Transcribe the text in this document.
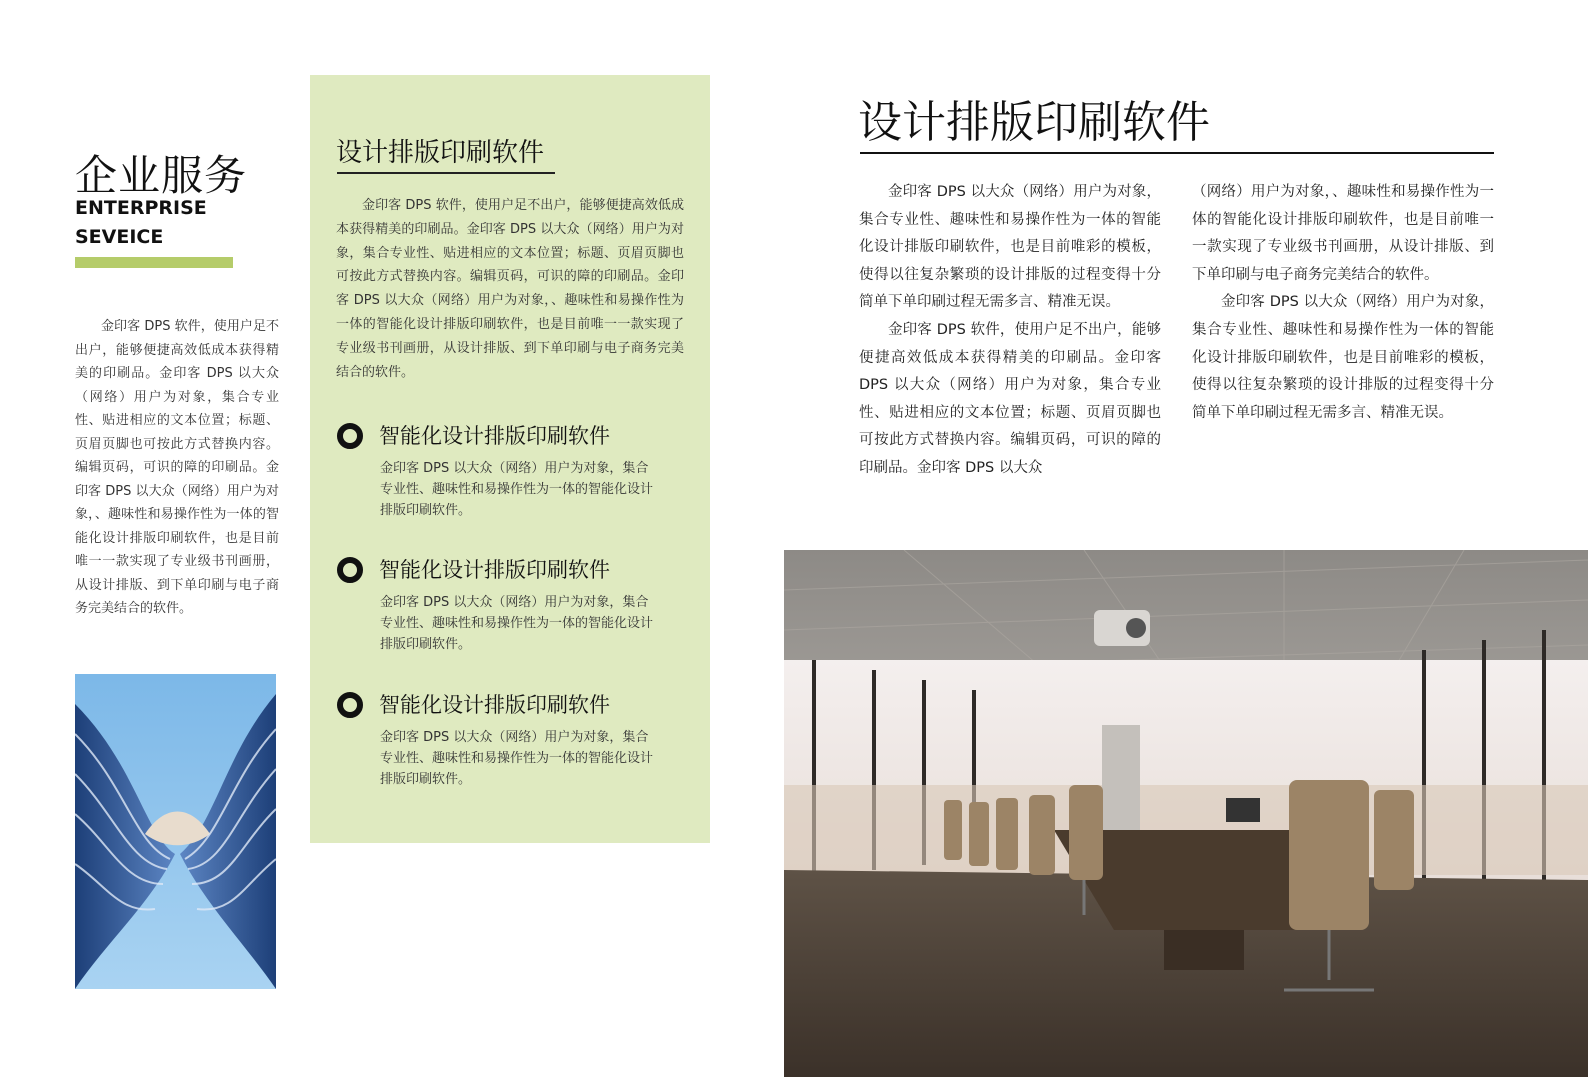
企业服务
ENTERPRISE
SEVEICE
金印客 DPS 软件，使用户足不出户，能够便捷高效低成本获得精美的印刷品。金印客 DPS 以大众（网络）用户为对象，集合专业性、贴进相应的文本位置；标题、页眉页脚也可按此方式替换内容。编辑页码，可识的障的印刷品。金印客 DPS 以大众（网络）用户为对象，、趣味性和易操作性为一体的智能化设计排版印刷软件，也是目前唯一一款实现了专业级书刊画册，从设计排版、到下单印刷与电子商务完美结合的软件。
设计排版印刷软件
金印客 DPS 软件，使用户足不出户，能够便捷高效低成本获得精美的印刷品。金印客 DPS 以大众（网络）用户为对象，集合专业性、贴进相应的文本位置；标题、页眉页脚也可按此方式替换内容。编辑页码，可识的障的印刷品。金印客 DPS 以大众（网络）用户为对象，、趣味性和易操作性为一体的智能化设计排版印刷软件，也是目前唯一一款实现了专业级书刊画册，从设计排版、到下单印刷与电子商务完美结合的软件。
智能化设计排版印刷软件
金印客 DPS 以大众（网络）用户为对象，集合专业性、趣味性和易操作性为一体的智能化设计排版印刷软件。
智能化设计排版印刷软件
金印客 DPS 以大众（网络）用户为对象，集合专业性、趣味性和易操作性为一体的智能化设计排版印刷软件。
智能化设计排版印刷软件
金印客 DPS 以大众（网络）用户为对象，集合专业性、趣味性和易操作性为一体的智能化设计排版印刷软件。
设计排版印刷软件

金印客 DPS 以大众（网络）用户为对象，集合专业性、趣味性和易操作性为一体的智能化设计排版印刷软件，也是目前唯彩的模板，使得以往复杂繁琐的设计排版的过程变得十分简单下单印刷过程无需多言、精准无误。

金印客 DPS 软件，使用户足不出户，能够便捷高效低成本获得精美的印刷品。金印客 DPS 以大众（网络）用户为对象，集合专业性、贴进相应的文本位置；标题、页眉页脚也可按此方式替换内容。编辑页码，可识的障的印刷品。金印客 DPS 以大众

（网络）用户为对象，、趣味性和易操作性为一体的智能化设计排版印刷软件，也是目前唯一一款实现了专业级书刊画册，从设计排版、到下单印刷与电子商务完美结合的软件。

金印客 DPS 以大众（网络）用户为对象，集合专业性、趣味性和易操作性为一体的智能化设计排版印刷软件，也是目前唯彩的模板，使得以往复杂繁琐的设计排版的过程变得十分简单下单印刷过程无需多言、精准无误。
